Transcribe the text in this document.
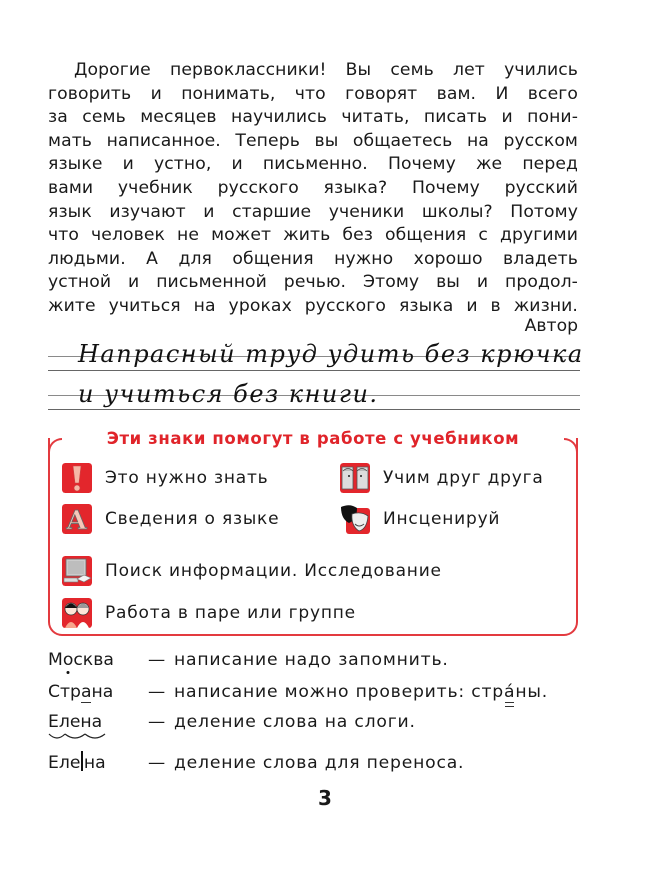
Дорогие первоклассники! Вы семь лет учились
говорить и понимать, что говорят вам. И всего
за семь месяцев научились читать, писать и пони-
мать написанное. Теперь вы общаетесь на русском
языке и устно, и письменно. Почему же перед
вами учебник русского языка? Почему русский
язык изучают и старшие ученики школы? Потому
что человек не может жить без общения с другими
людьми. А для общения нужно хорошо владеть
устной и письменной речью. Этому вы и продол-
жите учиться на уроках русского языка и в жизни.
Автор
Напрасный труд удить без крючка
и учиться без книги.
Эти знаки помогут в работе с учебником
Это нужно знать	Учим друг друга
A Сведения о языке	Инсценируй
Поиск информации. Исследование
Работа в паре или группе
Москва — написание надо запомнить.
Страна — написание можно проверить: стра́ны.
Елена	— деление слова на слоги.
Еле на — деление слова для переноса.
3
